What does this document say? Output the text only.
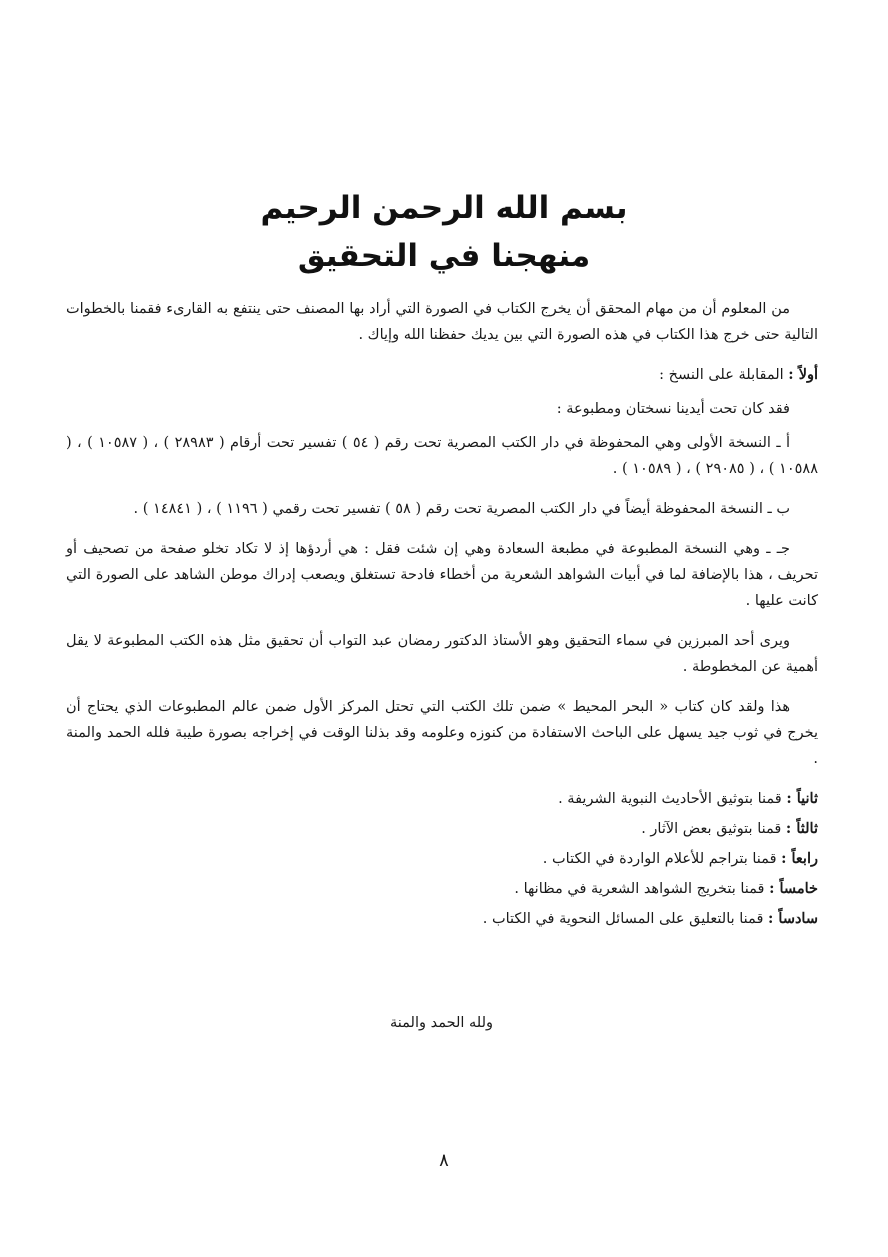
بسم الله الرحمن الرحيم
منهجنا في التحقيق

من المعلوم أن من مهام المحقق أن يخرج الكتاب في الصورة التي أراد بها المصنف حتى ينتفع به القارىء فقمنا بالخطوات التالية حتى خرج هذا الكتاب في هذه الصورة التي بين يديك حفظنا الله وإياك .

أولاً : المقابلة على النسخ :

فقد كان تحت أيدينا نسختان ومطبوعة :

أ ـ النسخة الأولى وهي المحفوظة في دار الكتب المصرية تحت رقم ( ٥٤ ) تفسير تحت أرقام ( ٢٨٩٨٣ ) ، ( ١٠٥٨٧ ) ، ( ١٠٥٨٨ ) ، ( ٢٩٠٨٥ ) ، ( ١٠٥٨٩ ) .

ب ـ النسخة المحفوظة أيضاً في دار الكتب المصرية تحت رقم ( ٥٨ ) تفسير تحت رقمي ( ١١٩٦ ) ، ( ١٤٨٤١ ) .

جـ ـ وهي النسخة المطبوعة في مطبعة السعادة وهي إن شئت فقل : هي أردؤها إذ لا تكاد تخلو صفحة من تصحيف أو تحريف ، هذا بالإضافة لما في أبيات الشواهد الشعرية من أخطاء فادحة تستغلق ويصعب إدراك موطن الشاهد على الصورة التي كانت عليها .

ويرى أحد المبرزين في سماء التحقيق وهو الأستاذ الدكتور رمضان عبد التواب أن تحقيق مثل هذه الكتب المطبوعة لا يقل أهمية عن المخطوطة .

هذا ولقد كان كتاب « البحر المحيط » ضمن تلك الكتب التي تحتل المركز الأول ضمن عالم المطبوعات الذي يحتاج أن يخرج في ثوب جيد يسهل على الباحث الاستفادة من كنوزه وعلومه وقد بذلنا الوقت في إخراجه بصورة طيبة فلله الحمد والمنة .

ثانياً : قمنا بتوثيق الأحاديث النبوية الشريفة .
ثالثاً : قمنا بتوثيق بعض الآثار .
رابعاً : قمنا بتراجم للأعلام الواردة في الكتاب .
خامساً : قمنا بتخريج الشواهد الشعرية في مظانها .
سادساً : قمنا بالتعليق على المسائل النحوية في الكتاب .
ولله الحمد والمنة
٨
